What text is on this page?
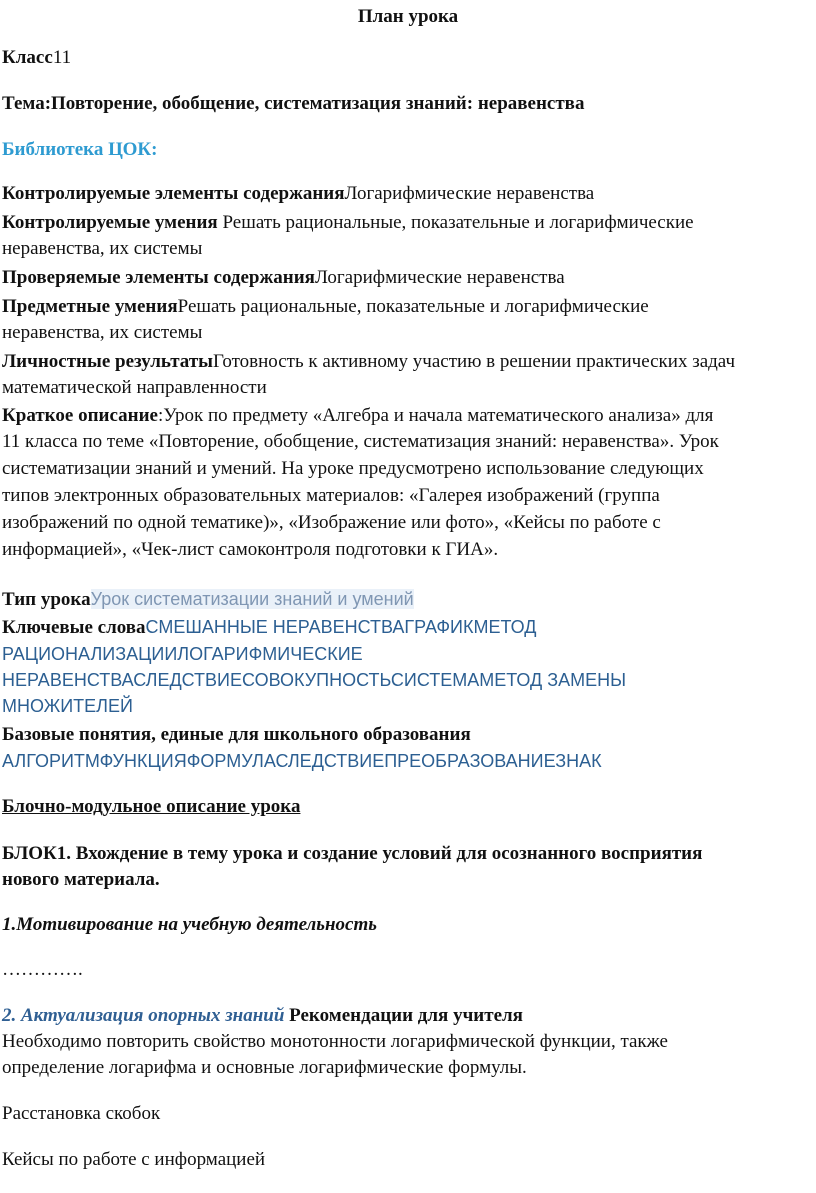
План урока
Класс11
Тема:Повторение, обобщение, систематизация знаний: неравенства
Библиотека ЦОК:
Контролируемые элементы содержанияЛогарифмические неравенства
Контролируемые умения Решать рациональные, показательные и логарифмические
неравенства, их системы
Проверяемые элементы содержанияЛогарифмические неравенства
Предметные уменияРешать рациональные, показательные и логарифмические
неравенства, их системы
Личностные результатыГотовность к активному участию в решении практических задач
математической направленности
Краткое описание:Урок по предмету «Алгебра и начала математического анализа» для
11 класса по теме «Повторение, обобщение, систематизация знаний: неравенства». Урок
систематизации знаний и умений. На уроке предусмотрено использование следующих
типов электронных образовательных материалов: «Галерея изображений (группа
изображений по одной тематике)», «Изображение или фото», «Кейсы по работе с
информацией», «Чек-лист самоконтроля подготовки к ГИА».
Тип урокаУрок систематизации знаний и умений
Ключевые словаСМЕШАННЫЕ НЕРАВЕНСТВАГРАФИКМЕТОД
РАЦИОНАЛИЗАЦИИЛОГАРИФМИЧЕСКИЕ
НЕРАВЕНСТВАСЛЕДСТВИЕСОВОКУПНОСТЬСИСТЕМАМЕТОД ЗАМЕНЫ
МНОЖИТЕЛЕЙ
Базовые понятия, единые для школьного образования
АЛГОРИТМФУНКЦИЯФОРМУЛАСЛЕДСТВИЕПРЕОБРАЗОВАНИЕЗНАК
Блочно-модульное описание урока
БЛОК1. Вхождение в тему урока и создание условий для осознанного восприятия
нового материала.
1.Мотивирование на учебную деятельность
………….
2. Актуализация опорных знаний Рекомендации для учителя
Необходимо повторить свойство монотонности логарифмической функции, также
определение логарифма и основные логарифмические формулы.
Расстановка скобок
Кейсы по работе с информацией
